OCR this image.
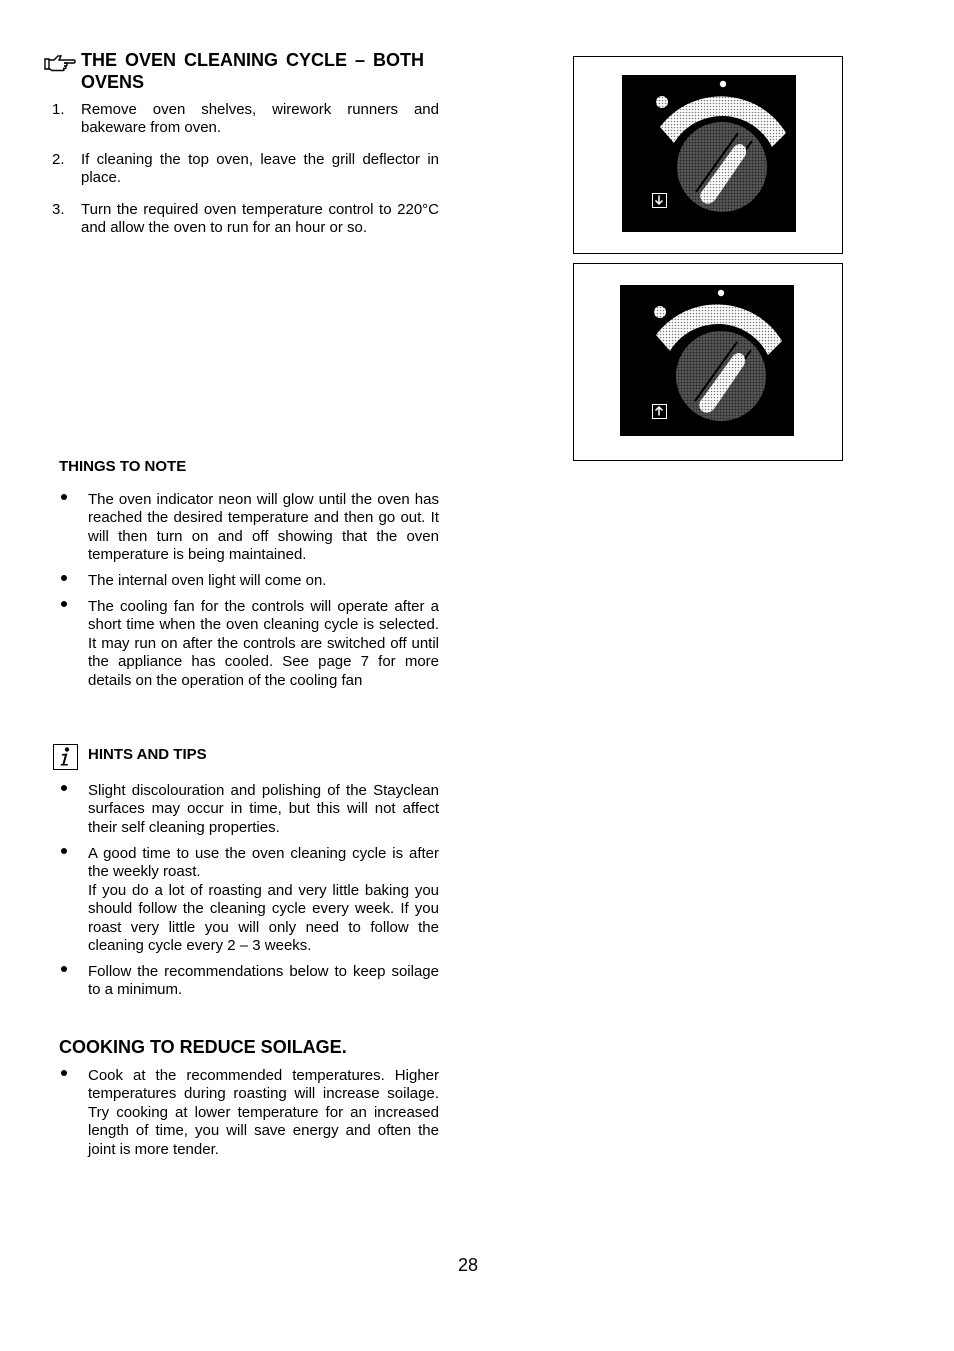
THE OVEN CLEANING CYCLE – BOTH
OVENS
1. Remove oven shelves, wirework runners and bakeware from oven.
2. If cleaning the top oven, leave the grill deflector in place.
3. Turn the required oven temperature control to 220°C and allow the oven to run for an hour or so.
THINGS TO NOTE
The oven indicator neon will glow until the oven has reached the desired temperature and then go out. It will then turn on and off showing that the oven temperature is being maintained.
The internal oven light will come on.
The cooling fan for the controls will operate after a short time when the oven cleaning cycle is selected. It may run on after the controls are switched off until the appliance has cooled. See page 7 for more details on the operation of the cooling fan
HINTS AND TIPS
Slight discolouration and polishing of the Stayclean surfaces may occur in time, but this will not affect their self cleaning properties.
A good time to use the oven cleaning cycle is after the weekly roast.
If you do a lot of roasting and very little baking you should follow the cleaning cycle every week. If you roast very little you will only need to follow the cleaning cycle every 2 – 3 weeks.
Follow the recommendations below to keep soilage to a minimum.
COOKING TO REDUCE SOILAGE.
Cook at the recommended temperatures. Higher temperatures during roasting will increase soilage. Try cooking at lower temperature for an increased length of time, you will save energy and often the joint is more tender.
28
